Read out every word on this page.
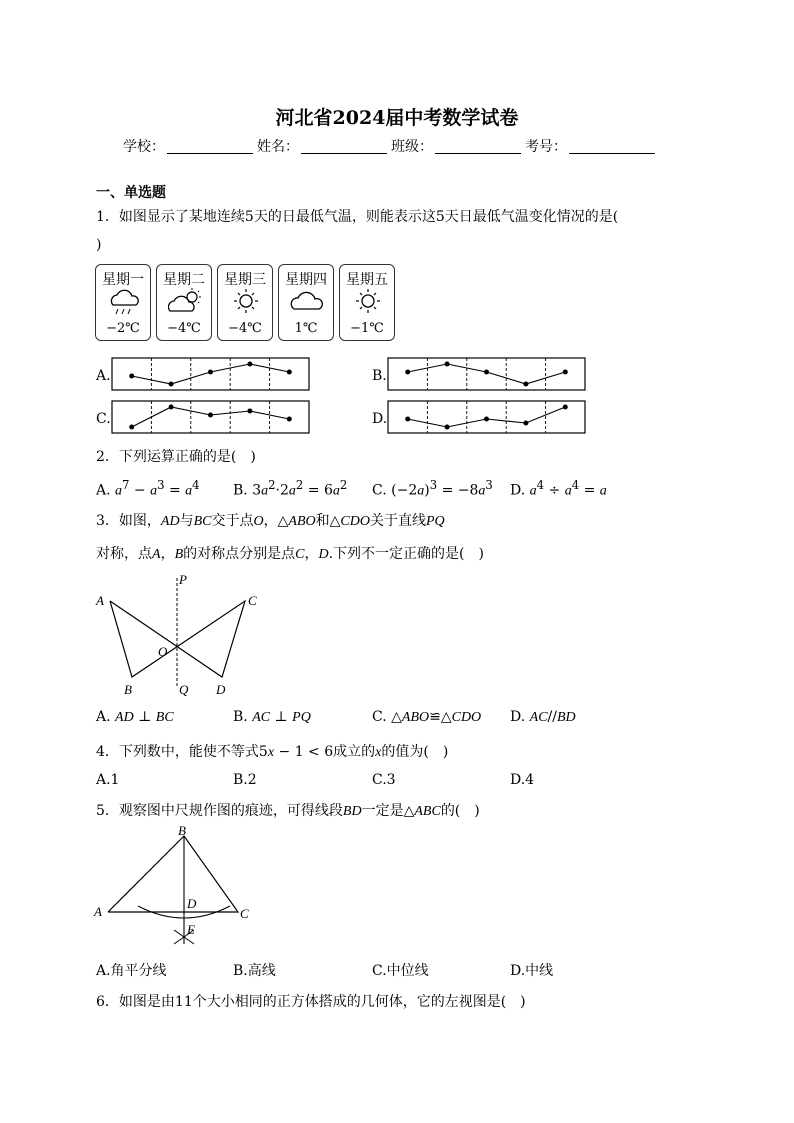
河北省2024届中考数学试卷
学校：	姓名：	班级：	考号：
一、单选题
1．如图显示了某地连续5天的日最低气温，则能表示这5天日最低气温变化情况的是(
)
星期一
−2℃
星期二
−4℃
星期三
−4℃
星期四
1℃
星期五
−1℃
A.	B.
C.	D.
2．下列运算正确的是(　)
A. $a^7 - a^3 = a^4$ B. $3a^2\cdot 2a^2 = 6a^2$ C. $(-2a)^3 = -8a^3$ D. $a^4 \div a^4 = a$
3．如图，AD与BC交于点O，△ABO和△CDO关于直线PQ
对称，点A，B的对称点分别是点C，D.下列不一定正确的是(　)
A
P
C
O
B	Q D
A. AD ⊥ BC	B. AC ⊥ PQ	C. △ABO≌△CDO D. AC//BD
4．下列数中，能使不等式5x − 1 < 6成立的x的值为(　)
A.1	B.2	C.3	D.4
5．观察图中尺规作图的痕迹，可得线段BD一定是△ABC的(　)
B
A	C
D
E
A.角平分线	B.高线	C.中位线	D.中线
6．如图是由11个大小相同的正方体搭成的几何体，它的左视图是(　)
